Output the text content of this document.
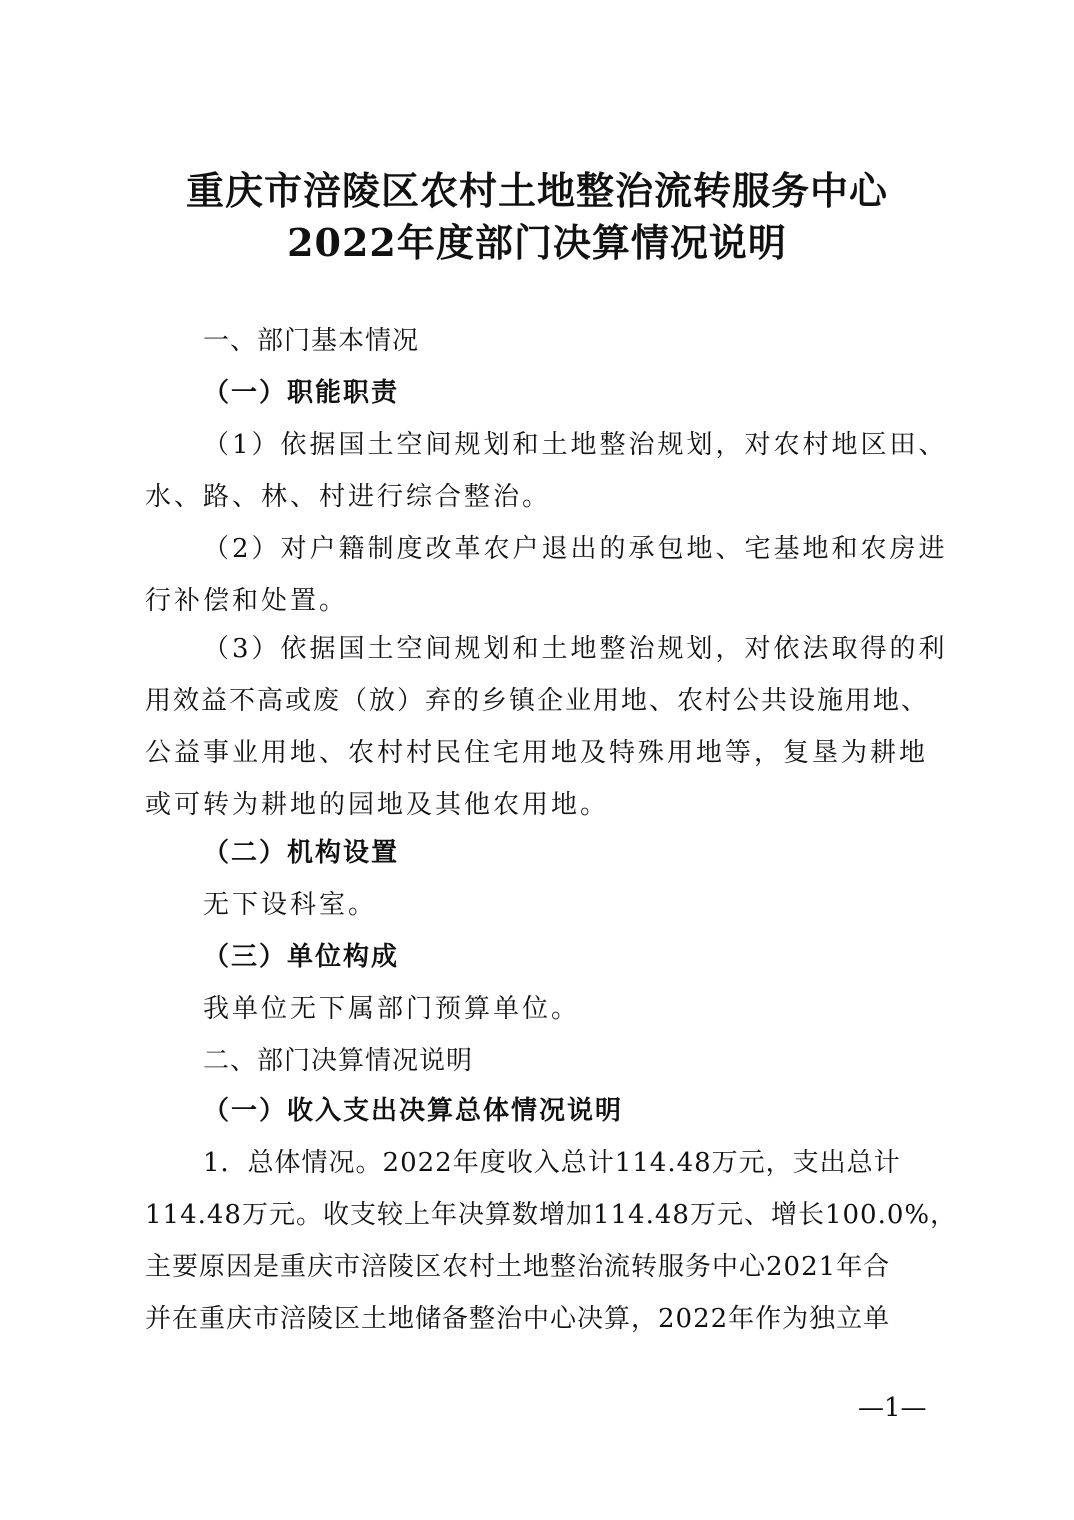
重庆市涪陵区农村土地整治流转服务中心
2022年度部门决算情况说明
一、部门基本情况
（一）职能职责
（1）依据国土空间规划和土地整治规划，对农村地区田、
水、路、林、村进行综合整治。
（2）对户籍制度改革农户退出的承包地、宅基地和农房进
行补偿和处置。
（3）依据国土空间规划和土地整治规划，对依法取得的利
用效益不高或废（放）弃的乡镇企业用地、农村公共设施用地、
公益事业用地、农村村民住宅用地及特殊用地等，复垦为耕地
或可转为耕地的园地及其他农用地。
（二）机构设置
无下设科室。
（三）单位构成
我单位无下属部门预算单位。
二、部门决算情况说明
（一）收入支出决算总体情况说明
1．总体情况。2022年度收入总计114.48万元，支出总计
114.48万元。收支较上年决算数增加114.48万元、增长100.0%，
主要原因是重庆市涪陵区农村土地整治流转服务中心2021年合
并在重庆市涪陵区土地储备整治中心决算，2022年作为独立单
—1—
